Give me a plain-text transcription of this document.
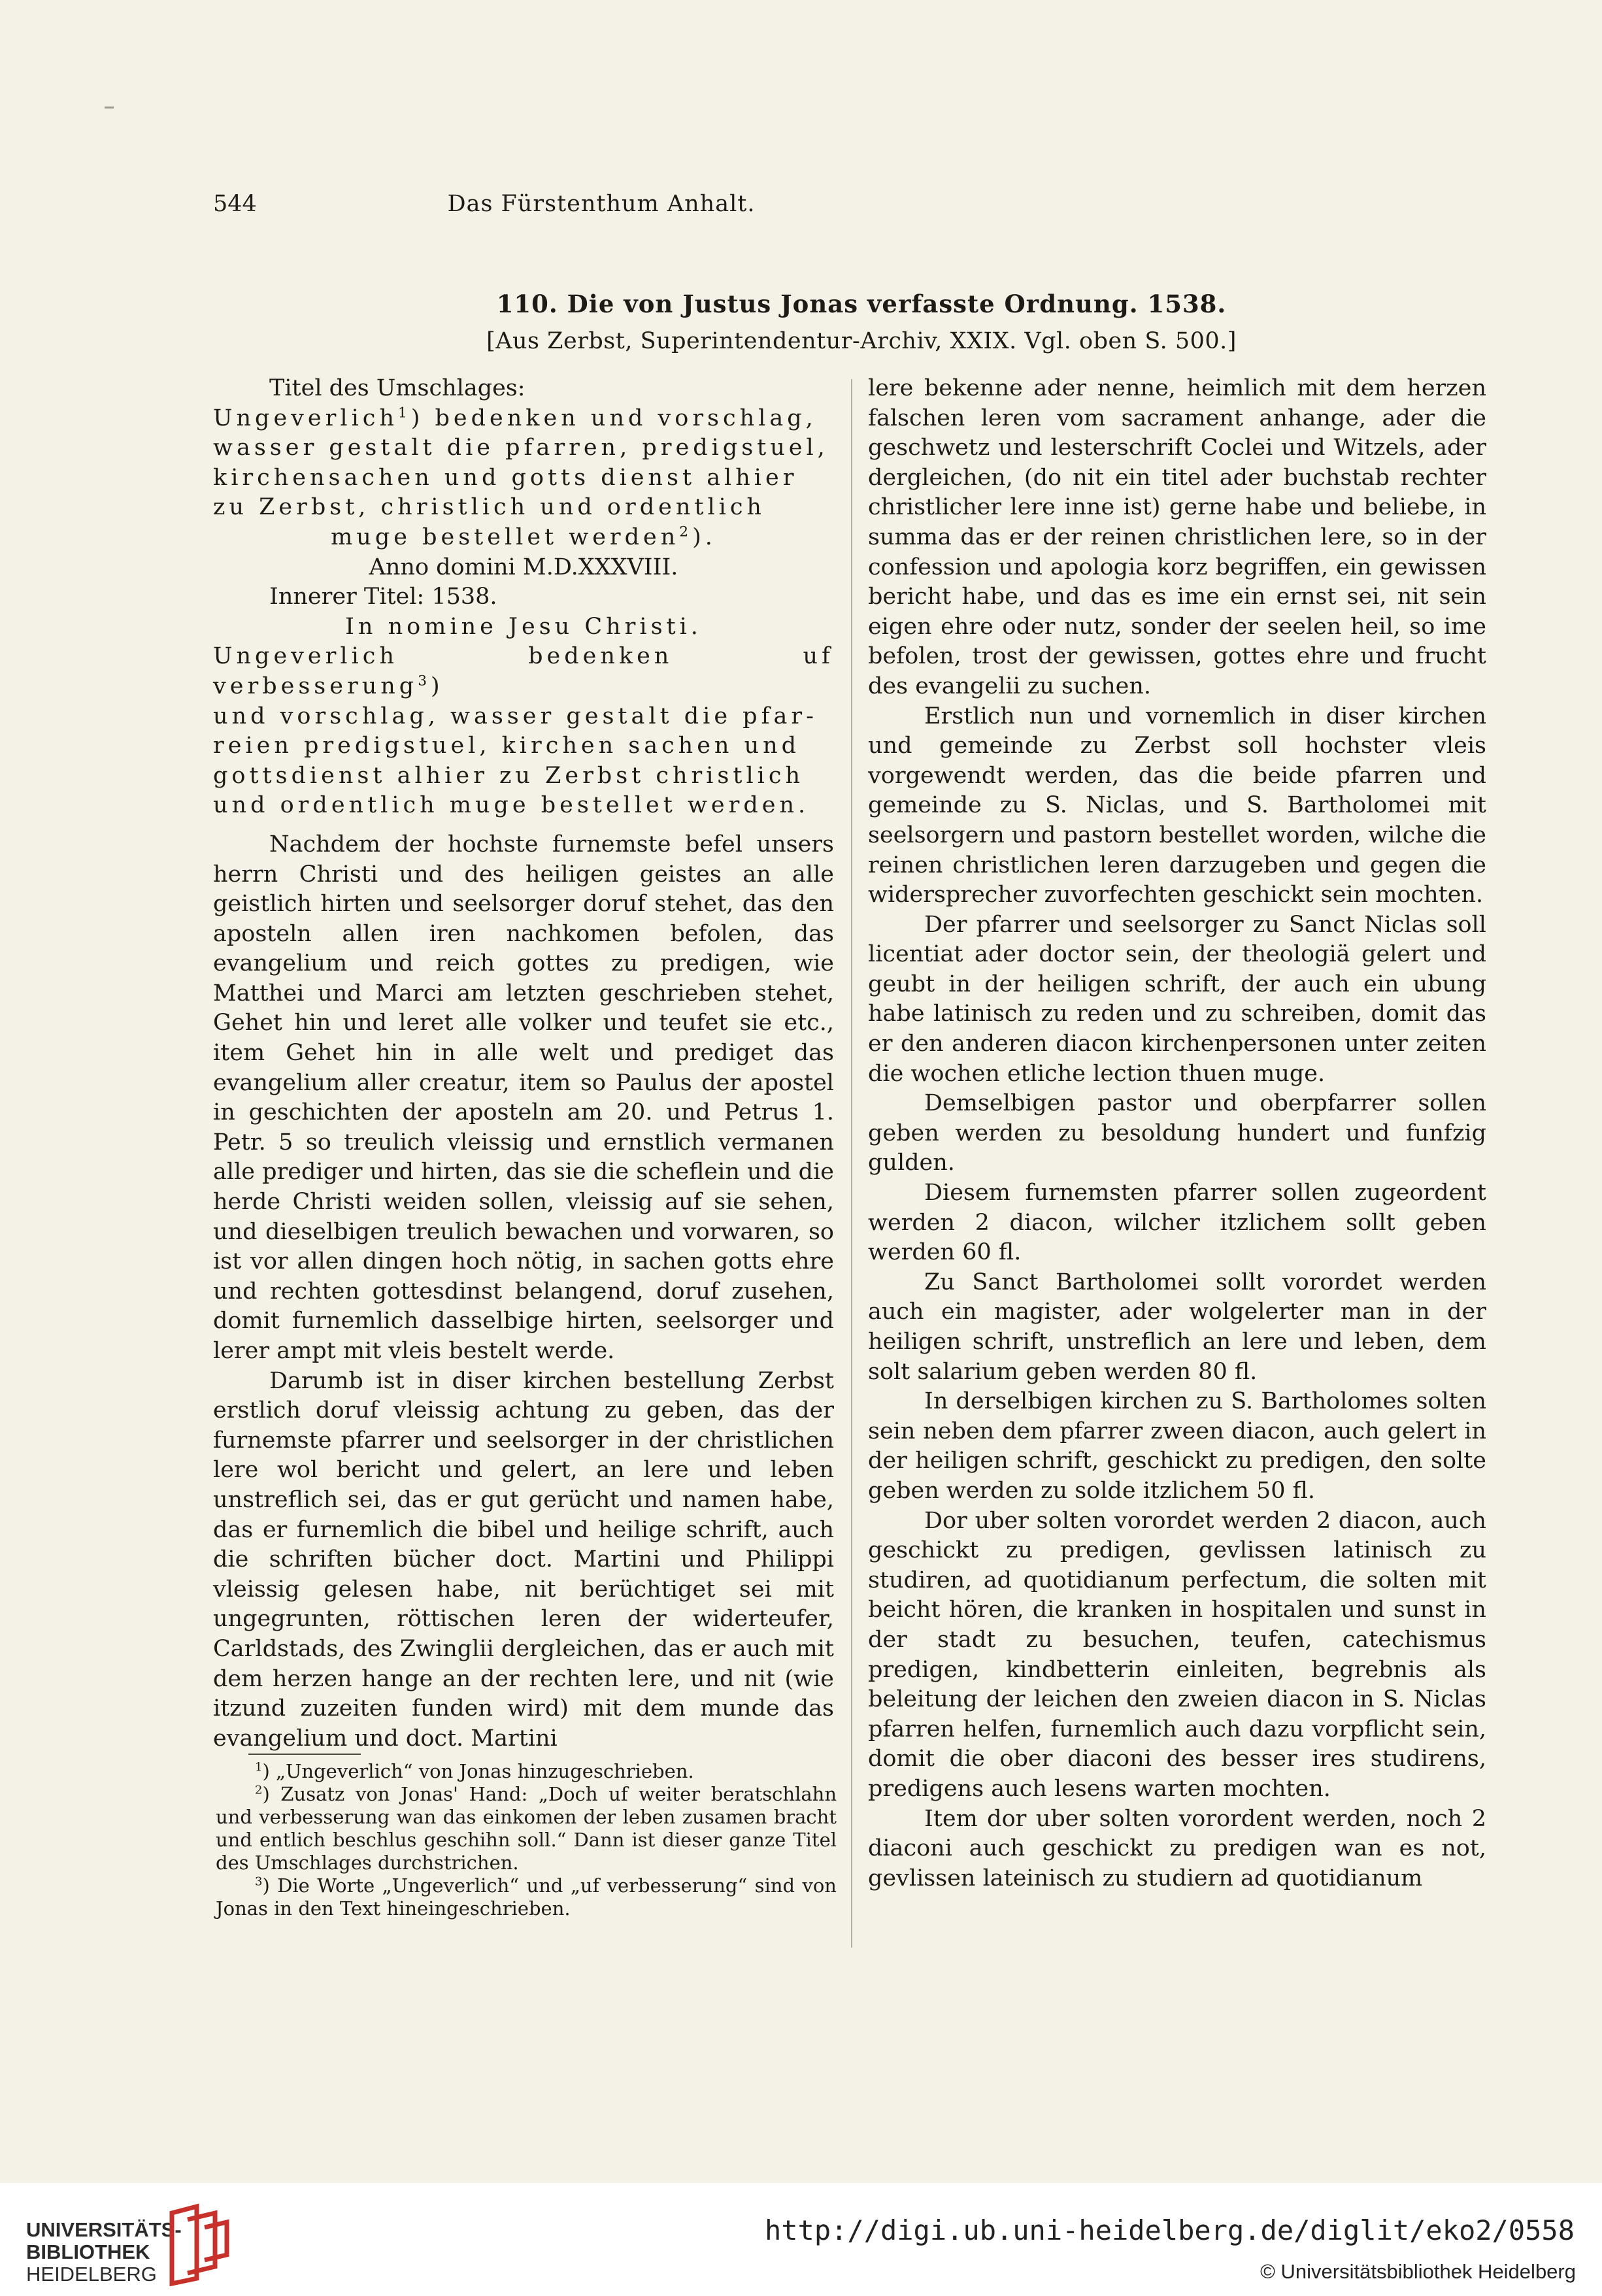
544	Das Fürstenthum Anhalt.
110. Die von Justus Jonas verfasste Ordnung. 1538.
[Aus Zerbst, Superintendentur-Archiv, XXIX. Vgl. oben S. 500.]

Titel des Umschlages:

Ungeverlich$^1$) bedenken und vorschlag,

wasser gestalt die pfarren, predigstuel,

kirchensachen und gotts dienst alhier

zu Zerbst, christlich und ordentlich

muge bestellet werden$^2$).

Anno domini M.D.XXXVIII.

Innerer Titel: 1538.

In nomine Jesu Christi.

Ungeverlich bedenken uf verbesserung$^3$)

und vorschlag, wasser gestalt die pfar-

reien predigstuel, kirchen sachen und

gottsdienst alhier zu Zerbst christlich

und ordentlich muge bestellet werden.

Nachdem der hochste furnemste befel unsers herrn Christi und des heiligen geistes an alle geistlich hirten und seelsorger doruf stehet, das den aposteln allen iren nachkomen befolen, das evangelium und reich gottes zu predigen, wie Matthei und Marci am letzten geschrieben stehet, Gehet hin und leret alle volker und teufet sie etc., item Gehet hin in alle welt und prediget das evangelium aller creatur, item so Paulus der apostel in geschichten der aposteln am 20. und Petrus 1. Petr. 5 so treulich vleissig und ernstlich vermanen alle prediger und hirten, das sie die scheflein und die herde Christi weiden sollen, vleissig auf sie sehen, und dieselbigen treulich bewachen und vorwaren, so ist vor allen dingen hoch nötig, in sachen gotts ehre und rechten gottesdinst belangend, doruf zusehen, domit furnemlich dasselbige hirten, seelsorger und lerer ampt mit vleis bestelt werde.

Darumb ist in diser kirchen bestellung Zerbst erstlich doruf vleissig achtung zu geben, das der furnemste pfarrer und seelsorger in der christlichen lere wol bericht und gelert, an lere und leben unstreflich sei, das er gut gerücht und namen habe, das er furnemlich die bibel und heilige schrift, auch die schriften bücher doct. Martini und Philippi vleissig gelesen habe, nit berüchtiget sei mit ungegrunten, röttischen leren der widerteufer, Carldstads, des Zwinglii dergleichen, das er auch mit dem herzen hange an der rechten lere, und nit (wie itzund zuzeiten funden wird) mit dem munde das evangelium und doct. Martini

lere bekenne ader nenne, heimlich mit dem herzen falschen leren vom sacrament anhange, ader die geschwetz und lesterschrift Coclei und Witzels, ader dergleichen, (do nit ein titel ader buchstab rechter christlicher lere inne ist) gerne habe und beliebe, in summa das er der reinen christlichen lere, so in der confession und apologia korz begriffen, ein gewissen bericht habe, und das es ime ein ernst sei, nit sein eigen ehre oder nutz, sonder der seelen heil, so ime befolen, trost der gewissen, gottes ehre und frucht des evangelii zu suchen.

Erstlich nun und vornemlich in diser kirchen und gemeinde zu Zerbst soll hochster vleis vorgewendt werden, das die beide pfarren und gemeinde zu S. Niclas, und S. Bartholomei mit seelsorgern und pastorn bestellet worden, wilche die reinen christlichen leren darzugeben und gegen die widersprecher zuvorfechten geschickt sein mochten.

Der pfarrer und seelsorger zu Sanct Niclas soll licentiat ader doctor sein, der theologiä gelert und geubt in der heiligen schrift, der auch ein ubung habe latinisch zu reden und zu schreiben, domit das er den anderen diacon kirchenpersonen unter zeiten die wochen etliche lection thuen muge.

Demselbigen pastor und oberpfarrer sollen geben werden zu besoldung hundert und funfzig gulden.

Diesem furnemsten pfarrer sollen zugeordent werden 2 diacon, wilcher itzlichem sollt geben werden 60 fl.

Zu Sanct Bartholomei sollt vorordet werden auch ein magister, ader wolgelerter man in der heiligen schrift, unstreflich an lere und leben, dem solt salarium geben werden 80 fl.

In derselbigen kirchen zu S. Bartholomes solten sein neben dem pfarrer zween diacon, auch gelert in der heiligen schrift, geschickt zu predigen, den solte geben werden zu solde itzlichem 50 fl.

Dor uber solten vorordet werden 2 diacon, auch geschickt zu predigen, gevlissen latinisch zu studiren, ad quotidianum perfectum, die solten mit beicht hören, die kranken in hospitalen und sunst in der stadt zu besuchen, teufen, catechismus predigen, kindbetterin einleiten, begrebnis als beleitung der leichen den zweien diacon in S. Niclas pfarren helfen, furnemlich auch dazu vorpflicht sein, domit die ober diaconi des besser ires studirens, predigens auch lesens warten mochten.

Item dor uber solten vorordent werden, noch 2 diaconi auch geschickt zu predigen wan es not, gevlissen lateinisch zu studiern ad quotidianum

$^1$) „Ungeverlich“ von Jonas hinzugeschrieben.

$^2$) Zusatz von Jonas' Hand: „Doch uf weiter beratschlahn und verbesserung wan das einkomen der leben zusamen bracht und entlich beschlus geschihn soll.“ Dann ist dieser ganze Titel des Umschlages durchstrichen.

$^3$) Die Worte „Ungeverlich“ und „uf verbesserung“ sind von Jonas in den Text hineingeschrieben.

UNIVERSITÄTS-
BIBLIOTHEK
HEIDELBERG
http://digi.ub.uni-heidelberg.de/diglit/eko2/0558
© Universitätsbibliothek Heidelberg
